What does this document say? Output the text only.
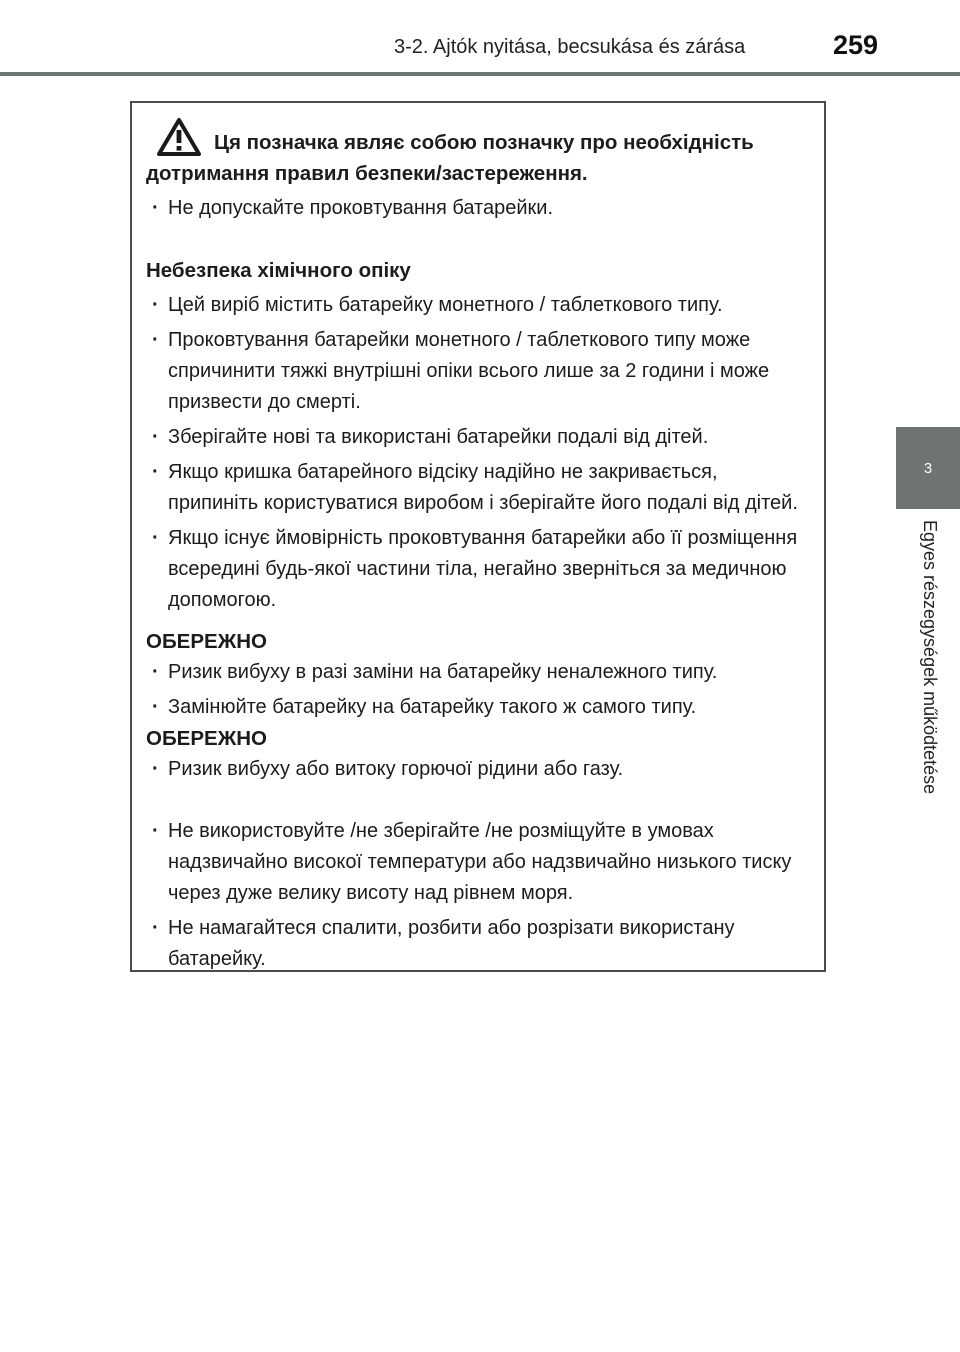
3-2. Ajtók nyitása, becsukása és zárása	259
3
Egyes részegységek működtetése
Ця позначка являє собою позначку про необхідність
дотримання правил безпеки/застереження.
· Не допускайте проковтування батарейки.
Небезпека хімічного опіку
· Цей виріб містить батарейку монетного / таблеткового типу.
· Проковтування батарейки монетного / таблеткового типу може спричинити тяжкі внутрішні опіки всього лише за 2 години і може призвести до смерті.
· Зберігайте нові та використані батарейки подалі від дітей.
· Якщо кришка батарейного відсіку надійно не закривається, припиніть користуватися виробом і зберігайте його подалі від дітей.
· Якщо існує ймовірність проковтування батарейки або її розміщення всередині будь-якої частини тіла, негайно зверніться за медичною допомогою.
ОБЕРЕЖНО
· Ризик вибуху в разі заміни на батарейку неналежного типу.
· Замінюйте батарейку на батарейку такого ж самого типу.
ОБЕРЕЖНО
· Ризик вибуху або витоку горючої рідини або газу.
· Не використовуйте /не зберігайте /не розміщуйте в умовах надзвичайно високої температури або надзвичайно низького тиску через дуже велику висоту над рівнем моря.
· Не намагайтеся спалити, розбити або розрізати використану батарейку.
